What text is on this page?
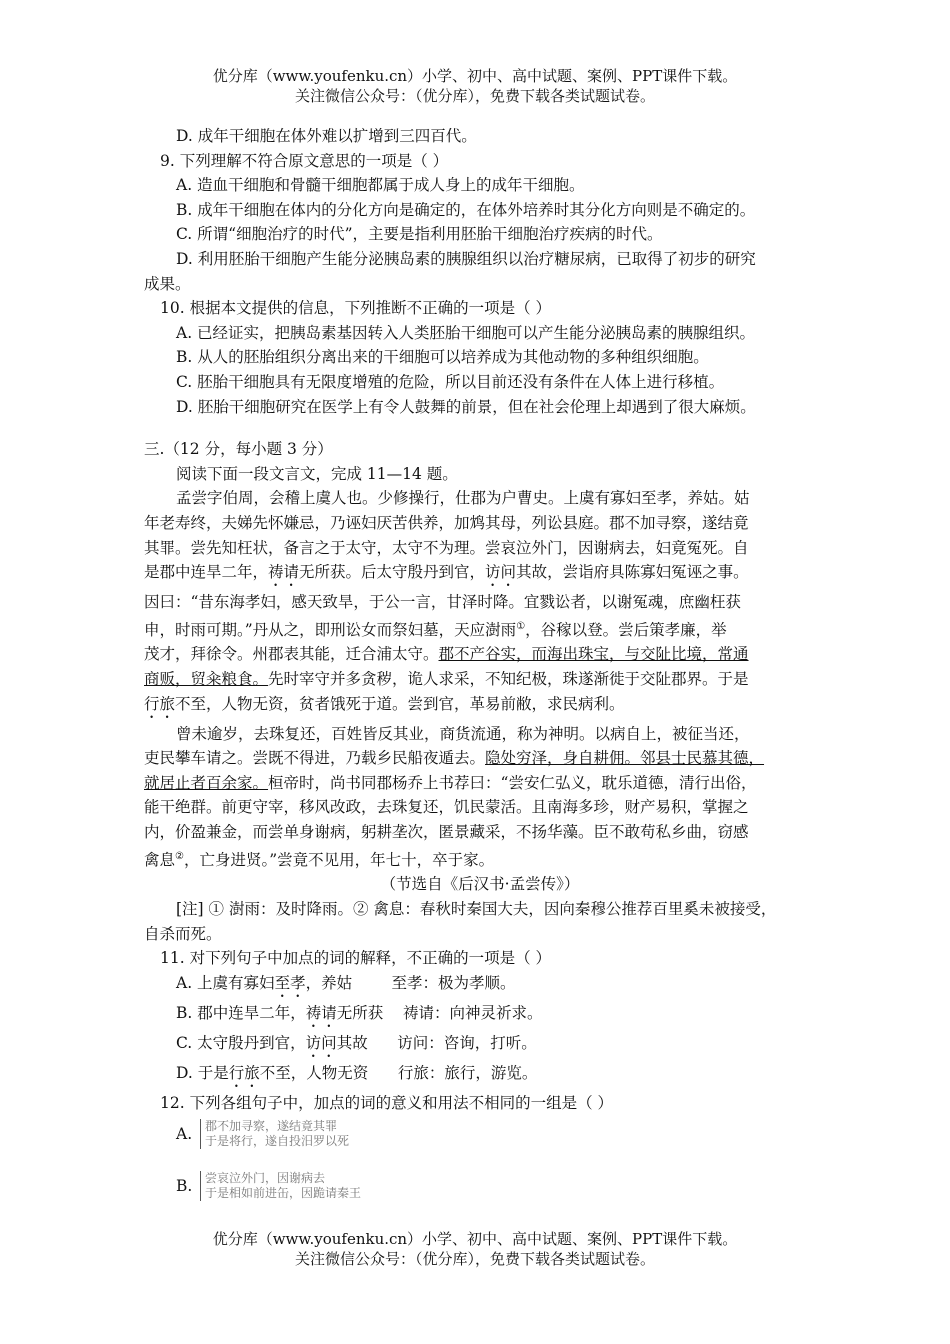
优分库（www.youfenku.cn）小学、初中、高中试题、案例、PPT课件下载。
关注微信公众号：（优分库），免费下载各类试题试卷。
D. 成年干细胞在体外难以扩增到三四百代。
9. 下列理解不符合原文意思的一项是（ ）
A. 造血干细胞和骨髓干细胞都属于成人身上的成年干细胞。
B. 成年干细胞在体内的分化方向是确定的，在体外培养时其分化方向则是不确定的。
C. 所谓“细胞治疗的时代”，主要是指利用胚胎干细胞治疗疾病的时代。
D. 利用胚胎干细胞产生能分泌胰岛素的胰腺组织以治疗糖尿病，已取得了初步的研究
成果。
10. 根据本文提供的信息，下列推断不正确的一项是（ ）
A. 已经证实，把胰岛素基因转入人类胚胎干细胞可以产生能分泌胰岛素的胰腺组织。
B. 从人的胚胎组织分离出来的干细胞可以培养成为其他动物的多种组织细胞。
C. 胚胎干细胞具有无限度增殖的危险，所以目前还没有条件在人体上进行移植。
D. 胚胎干细胞研究在医学上有令人鼓舞的前景，但在社会伦理上却遇到了很大麻烦。
三.（12 分，每小题 3 分）
阅读下面一段文言文，完成 11—14 题。
孟尝字伯周，会稽上虞人也。少修操行，仕郡为户曹史。上虞有寡妇至孝，养姑。姑
年老寿终，夫娣先怀嫌忌，乃诬妇厌苦供养，加鸩其母，列讼县庭。郡不加寻察，遂结竟
其罪。尝先知枉状，备言之于太守，太守不为理。尝哀泣外门，因谢病去，妇竟冤死。自
是郡中连旱二年，祷请无所获。后太守殷丹到官，访问其故，尝诣府具陈寡妇冤诬之事。
因曰：“昔东海孝妇，感天致旱，于公一言，甘泽时降。宜戮讼者，以谢冤魂，庶幽枉获
申，时雨可期。”丹从之，即刑讼女而祭妇墓，天应澍雨①，谷稼以登。尝后策孝廉，举
茂才，拜徐令。州郡表其能，迁合浦太守。郡不产谷实，而海出珠宝，与交阯比境，常通
商贩，贸籴粮食。先时宰守并多贪秽，诡人求采，不知纪极，珠遂渐徙于交阯郡界。于是
行旅不至，人物无资，贫者饿死于道。尝到官，革易前敝，求民病利。
曾未逾岁，去珠复还，百姓皆反其业，商货流通，称为神明。以病自上，被征当还，
吏民攀车请之。尝既不得进，乃载乡民船夜遁去。隐处穷泽，身自耕佣。邻县士民慕其德，
就居止者百余家。桓帝时，尚书同郡杨乔上书荐曰：“尝安仁弘义，耽乐道德，清行出俗，
能干绝群。前更守宰，移风改政，去珠复还，饥民蒙活。且南海多珍，财产易积，掌握之
内，价盈兼金，而尝单身谢病，躬耕垄次，匿景藏采，不扬华藻。臣不敢苟私乡曲，窃感
禽息②，亡身进贤。”尝竟不见用，年七十，卒于家。
（节选自《后汉书·孟尝传》）
[注] ① 澍雨：及时降雨。② 禽息：春秋时秦国大夫，因向秦穆公推荐百里奚未被接受，
自杀而死。
11. 对下列句子中加点的词的解释，不正确的一项是（ ）
A. 上虞有寡妇至孝，养姑        至孝：极为孝顺。
B. 郡中连旱二年，祷请无所获    祷请：向神灵祈求。
C. 太守殷丹到官，访问其故      访问：咨询，打听。
D. 于是行旅不至，人物无资      行旅：旅行，游览。
12. 下列各组句子中，加点的词的意义和用法不相同的一组是（ ）
A.	郡不加寻察，遂结竟其罪
于是将行，遂自投汨罗以死
B.	尝哀泣外门，因谢病去
于是相如前进缶，因跪请秦王
优分库（www.youfenku.cn）小学、初中、高中试题、案例、PPT课件下载。
关注微信公众号：（优分库），免费下载各类试题试卷。
